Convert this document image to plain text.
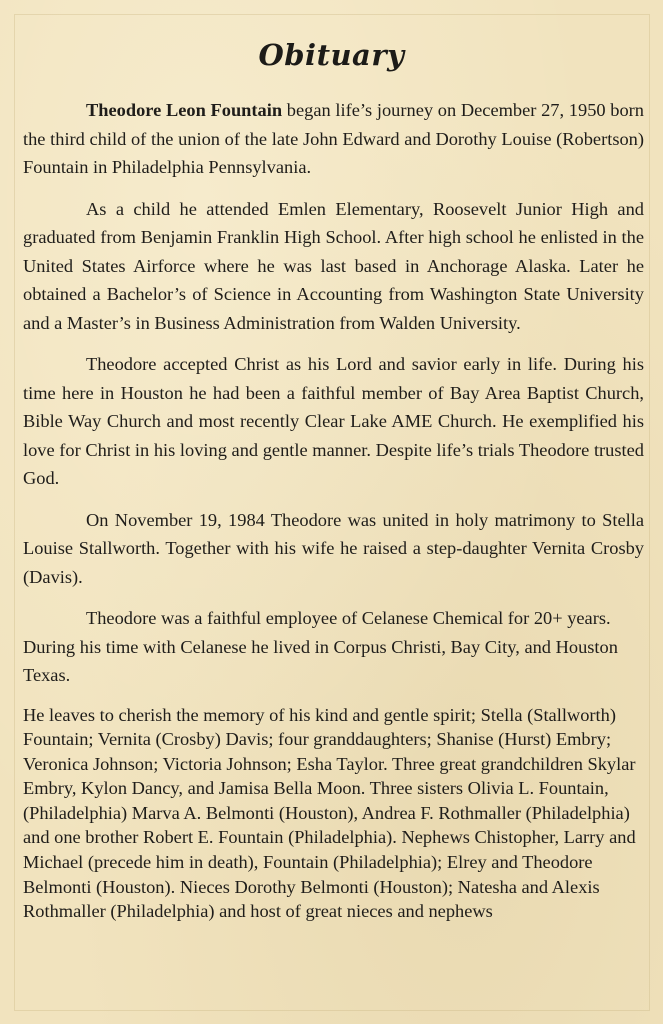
Obituary

Theodore Leon Fountain began life’s journey on December 27, 1950 born the third child of the union of the late John Edward and Dorothy Louise (Robertson) Fountain in Philadelphia Pennsylvania.

As a child he attended Emlen Elementary, Roosevelt Junior High and graduated from Benjamin Franklin High School. After high school he enlisted in the United States Airforce where he was last based in Anchorage Alaska. Later he obtained a Bachelor’s of Science in Accounting from Washington State University and a Master’s in Business Administration from Walden University.

Theodore accepted Christ as his Lord and savior early in life. During his time here in Houston he had been a faithful member of Bay Area Baptist Church, Bible Way Church and most recently Clear Lake AME Church. He exemplified his love for Christ in his loving and gentle manner. Despite life’s trials Theodore trusted God.

On November 19, 1984 Theodore was united in holy matrimony to Stella Louise Stallworth. Together with his wife he raised a step-daughter Vernita Crosby (Davis).

Theodore was a faithful employee of Celanese Chemical for 20+ years. During his time with Celanese he lived in Corpus Christi, Bay City, and Houston Texas.

He leaves to cherish the memory of his kind and gentle spirit; Stella (Stallworth) Fountain; Vernita (Crosby) Davis; four granddaughters; Shanise (Hurst) Embry; Veronica Johnson; Victoria Johnson; Esha Taylor. Three great grandchildren Skylar Embry, Kylon Dancy, and Jamisa Bella Moon. Three sisters Olivia L. Fountain, (Philadelphia) Marva A. Belmonti (Houston), Andrea F. Rothmaller (Philadelphia) and one brother Robert E. Fountain (Philadelphia). Nephews Chistopher, Larry and Michael (precede him in death), Fountain (Philadelphia); Elrey and Theodore Belmonti (Houston). Nieces Dorothy Belmonti (Houston); Natesha and Alexis Rothmaller (Philadelphia) and host of great nieces and nephews
